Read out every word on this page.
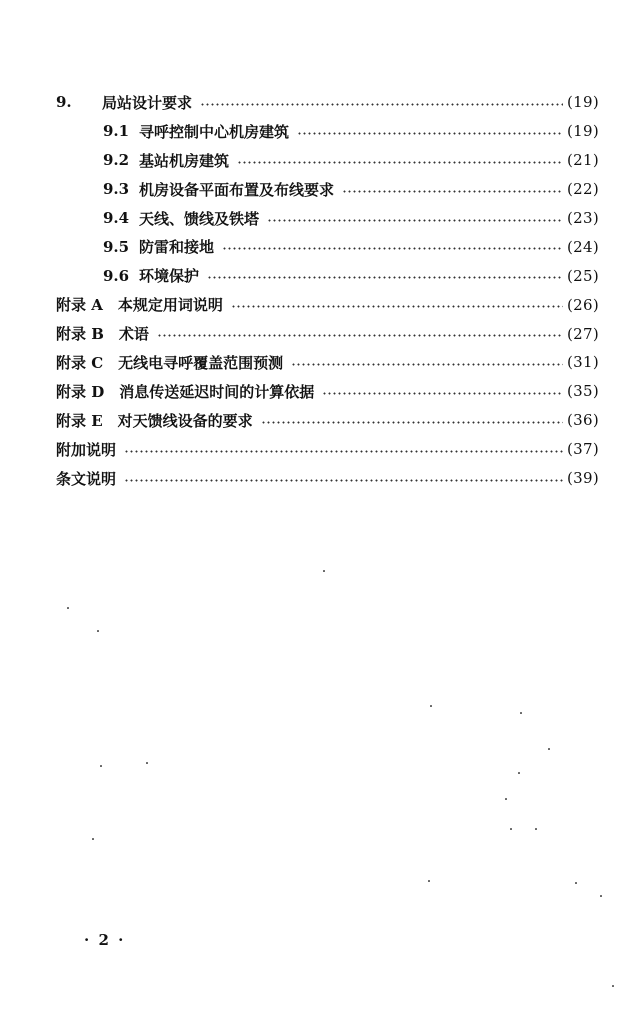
9.	局站设计要求	(19)
9.1 寻呼控制中心机房建筑	(19)
9.2 基站机房建筑	(21)
9.3 机房设备平面布置及布线要求	(22)
9.4 天线、馈线及铁塔	(23)
9.5 防雷和接地	(24)
9.6 环境保护	(25)
附录 A　本规定用词说明	(26)
附录 B　术语	(27)
附录 C　无线电寻呼覆盖范围预测	(31)
附录 D　消息传送延迟时间的计算依据	(35)
附录 E　对天馈线设备的要求	(36)
附加说明	(37)
条文说明	(39)
· 2 ·
